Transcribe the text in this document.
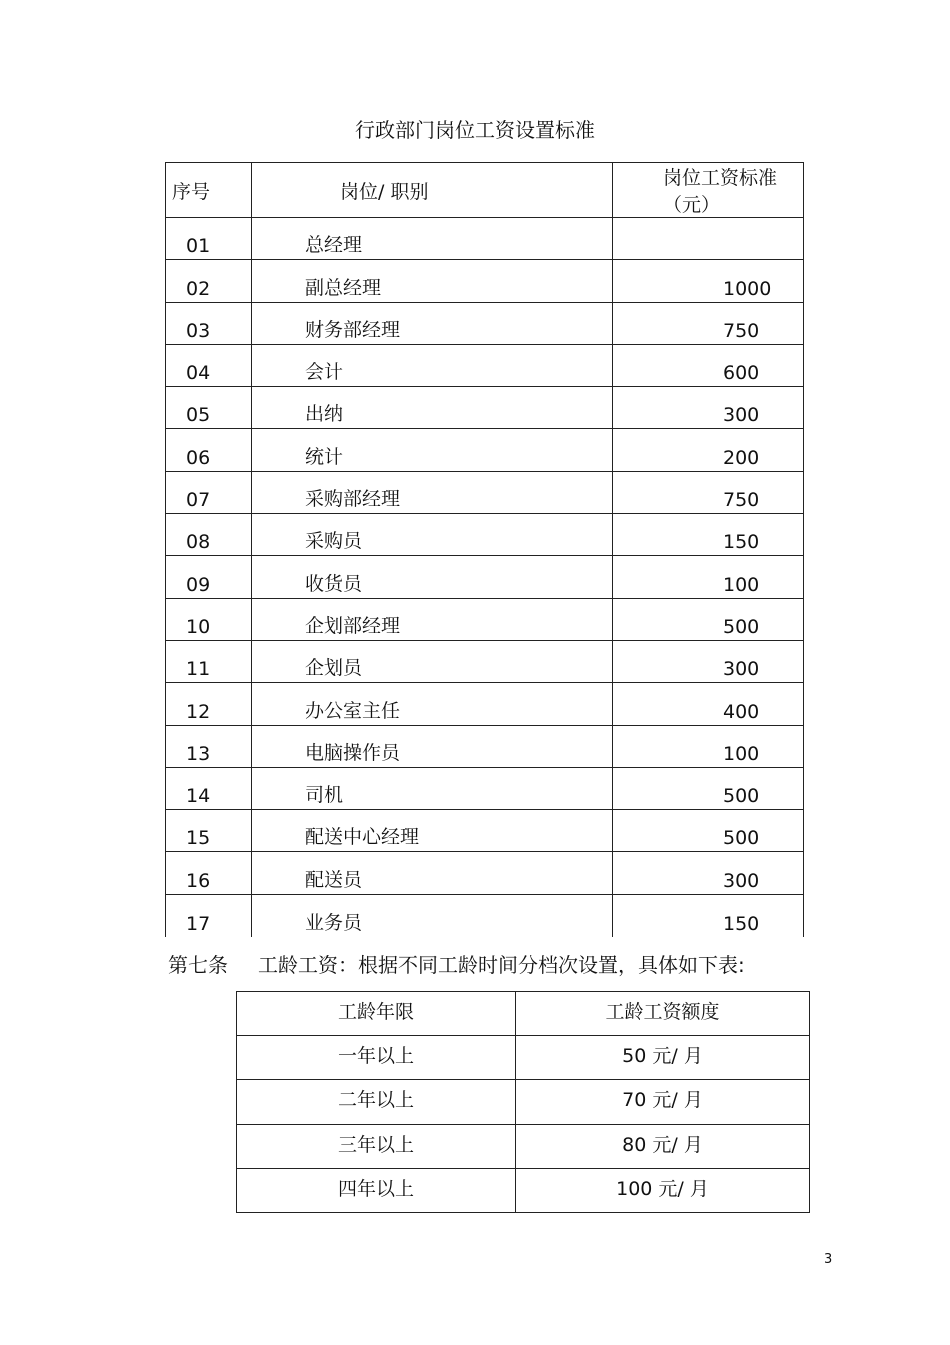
行政部门岗位工资设置标准
序号	岗位/ 职别	岗位工资标准（元）
01	总经理	
02	副总经理	1000
03	财务部经理	750
04	会计	600
05	出纳	300
06	统计	200
07	采购部经理	750
08	采购员	150
09	收货员	100
10	企划部经理	500
11	企划员	300
12	办公室主任	400
13	电脑操作员	100
14	司机	500
15	配送中心经理	500
16	配送员	300
17	业务员	150
第七条 工龄工资：根据不同工龄时间分档次设置，具体如下表:
工龄年限	工龄工资额度
一年以上	50 元/ 月
二年以上	70 元/ 月
三年以上	80 元/ 月
四年以上	100 元/ 月
3
